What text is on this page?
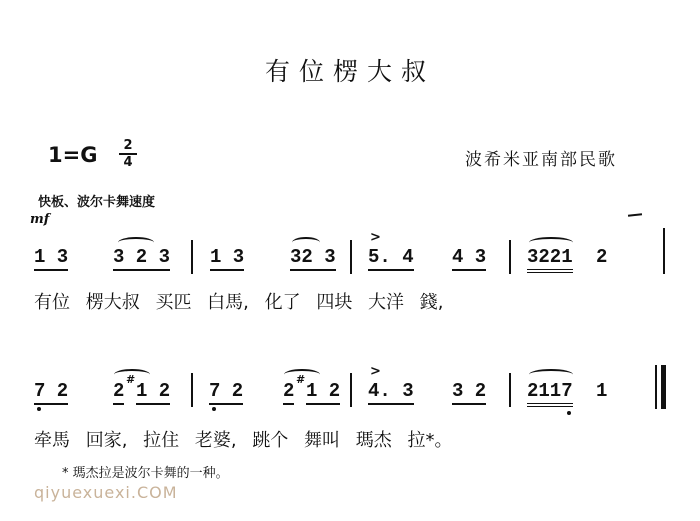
有位楞大叔
1=G	2
4	波希米亚南部民歌
快板、波尔卡舞速度
mf
1 3 3 2 3 1 3 32 3
>
5. 4 4 3 3221 2
有位 楞大叔 买匹 白馬, 化了 四块 大洋 錢,
7 2 2
#
1 2 7 2 2
#
1 2
>
4. 3 3 2 2117 1
牵馬 回家, 拉住 老婆, 跳个 舞叫 瑪杰 拉*。
* 瑪杰拉是波尔卡舞的一种。
qiyuexuexi.COM
